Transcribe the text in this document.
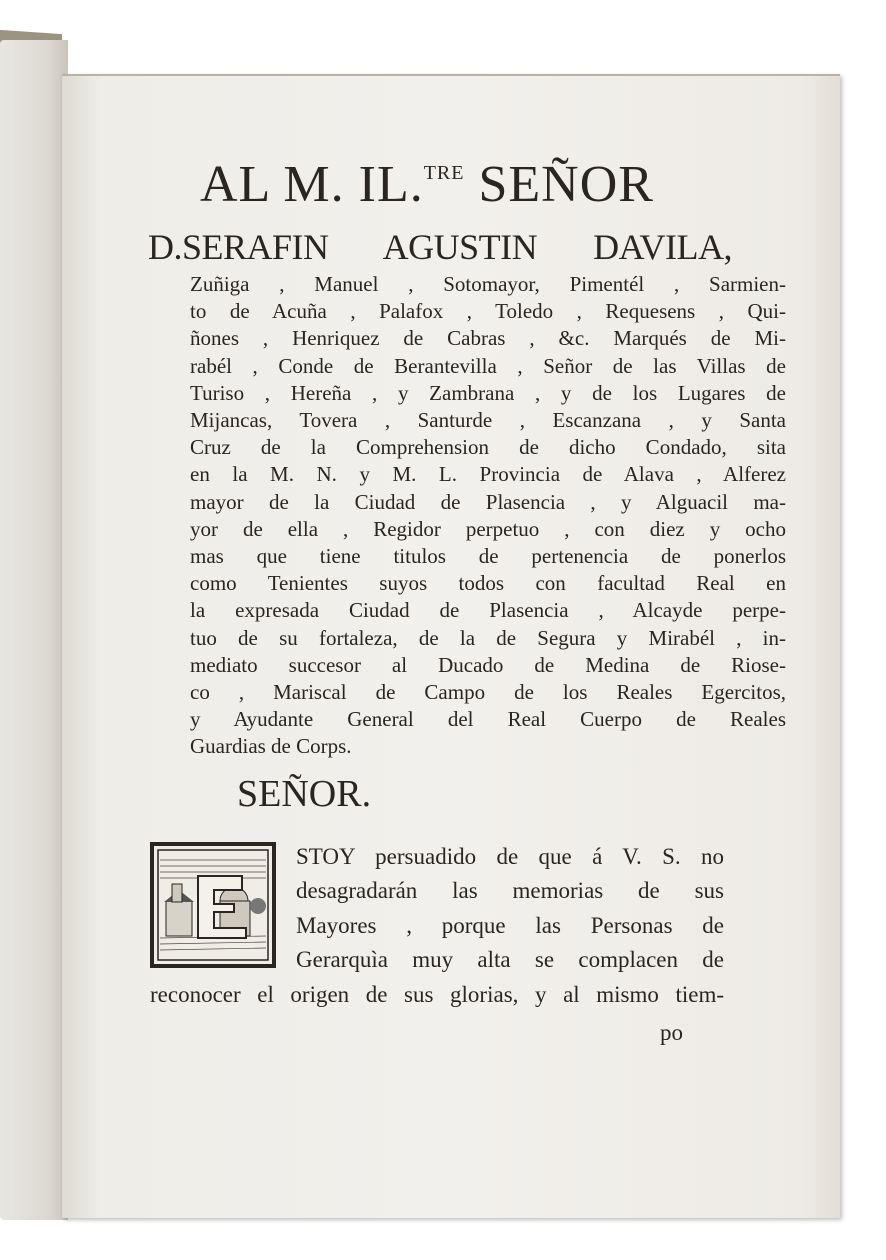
AL M. IL.$^{TRE}$ SEÑOR
D.SERAFIN AGUSTIN DAVILA,
Zuñiga , Manuel , Sotomayor, Pimentél , Sarmien-
to de Acuña , Palafox , Toledo , Requesens , Qui-
ñones , Henriquez de Cabras , &c. Marqués de Mi-
rabél , Conde de Berantevilla , Señor de las Villas de
Turiso , Hereña , y Zambrana , y de los Lugares de
Mijancas, Tovera , Santurde , Escanzana , y Santa
Cruz de la Comprehension de dicho Condado, sita
en la M. N. y M. L. Provincia de Alava , Alferez
mayor de la Ciudad de Plasencia , y Alguacil ma-
yor de ella , Regidor perpetuo , con diez y ocho
mas que tiene titulos de pertenencia de ponerlos
como Tenientes suyos todos con facultad Real en
la expresada Ciudad de Plasencia , Alcayde perpe-
tuo de su fortaleza, de la de Segura y Mirabél , in-
mediato succesor al Ducado de Medina de Riose-
co , Mariscal de Campo de los Reales Egercitos,
y Ayudante General del Real Cuerpo de Reales
Guardias de Corps.
SEÑOR.
STOY persuadido de que á V. S. no
desagradarán las memorias de sus
Mayores , porque las Personas de
Gerarquìa muy alta se complacen de
reconocer el origen de sus glorias, y al mismo tiem-
po
